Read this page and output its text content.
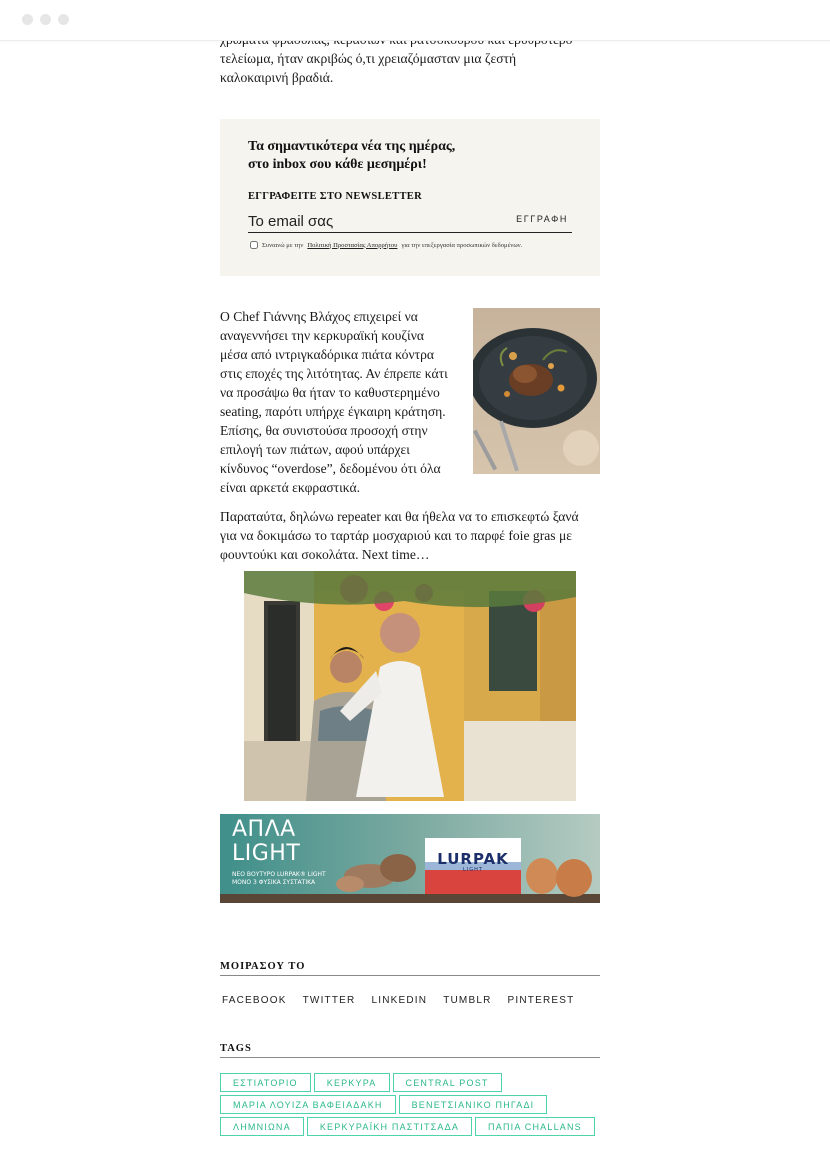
τελείωμα, ήταν ακριβώς ό,τι χρειαζόμασταν μια ζεστή
καλοκαιρινή βραδιά.
Τα σημαντικότερα νέα της ημέρας,
στο inbox σου κάθε μεσημέρι!
ΕΓΓΡΑΦΕΙΤΕ ΣΤΟ NEWSLETTER
Το email σας
ΕΓΓΡΑΦΗ
Συναινώ με την Πολιτική Προστασίας Απορρήτου για την επεξεργασία προσωπικών δεδομένων.
Ο Chef Γιάννης Βλάχος επιχειρεί να
αναγεννήσει την κερκυραϊκή κουζίνα
μέσα από ιντριγκαδόρικα πιάτα κόντρα
στις εποχές της λιτότητας. Αν έπρεπε κάτι
να προσάψω θα ήταν το καθυστερημένο
seating, παρότι υπήρχε έγκαιρη κράτηση.
Επίσης, θα συνιστούσα προσοχή στην
επιλογή των πιάτων, αφού υπάρχει
κίνδυνος “overdose”, δεδομένου ότι όλα
είναι αρκετά εκφραστικά.
Παραταύτα, δηλώνω repeater και θα ήθελα να το επισκεφτώ ξανά
για να δοκιμάσω το ταρτάρ μοσχαριού και το παρφέ foie gras με
φουντούκι και σοκολάτα. Next time…
ΑΠΛΑ
LIGHT
ΝΕΟ ΒΟΥΤΥΡΟ LURPAK® LIGHT
ΜΟΝΟ 3 ΦΥΣΙΚΑ ΣΥΣΤΑΤΙΚΑ
LURPAK
LIGHT
ΜΟΙΡΑΣΟΥ ΤΟ
FACEBOOK TWITTER LINKEDIN TUMBLR PINTEREST
TAGS
ΕΣΤΙΑΤΟΡΙΟ	ΚΕΡΚΥΡΑ	CENTRAL POST
ΜΑΡΙΑ ΛΟΥΙΖΑ ΒΑΦΕΙΑΔΑΚΗ	ΒΕΝΕΤΣΙΑΝΙΚΟ ΠΗΓΑΔΙ
ΛΗΜΝΙΩΝΑ	ΚΕΡΚΥΡΑΪΚΗ ΠΑΣΤΙΤΣΑΔΑ	ΠΑΠΙΑ CHALLANS
